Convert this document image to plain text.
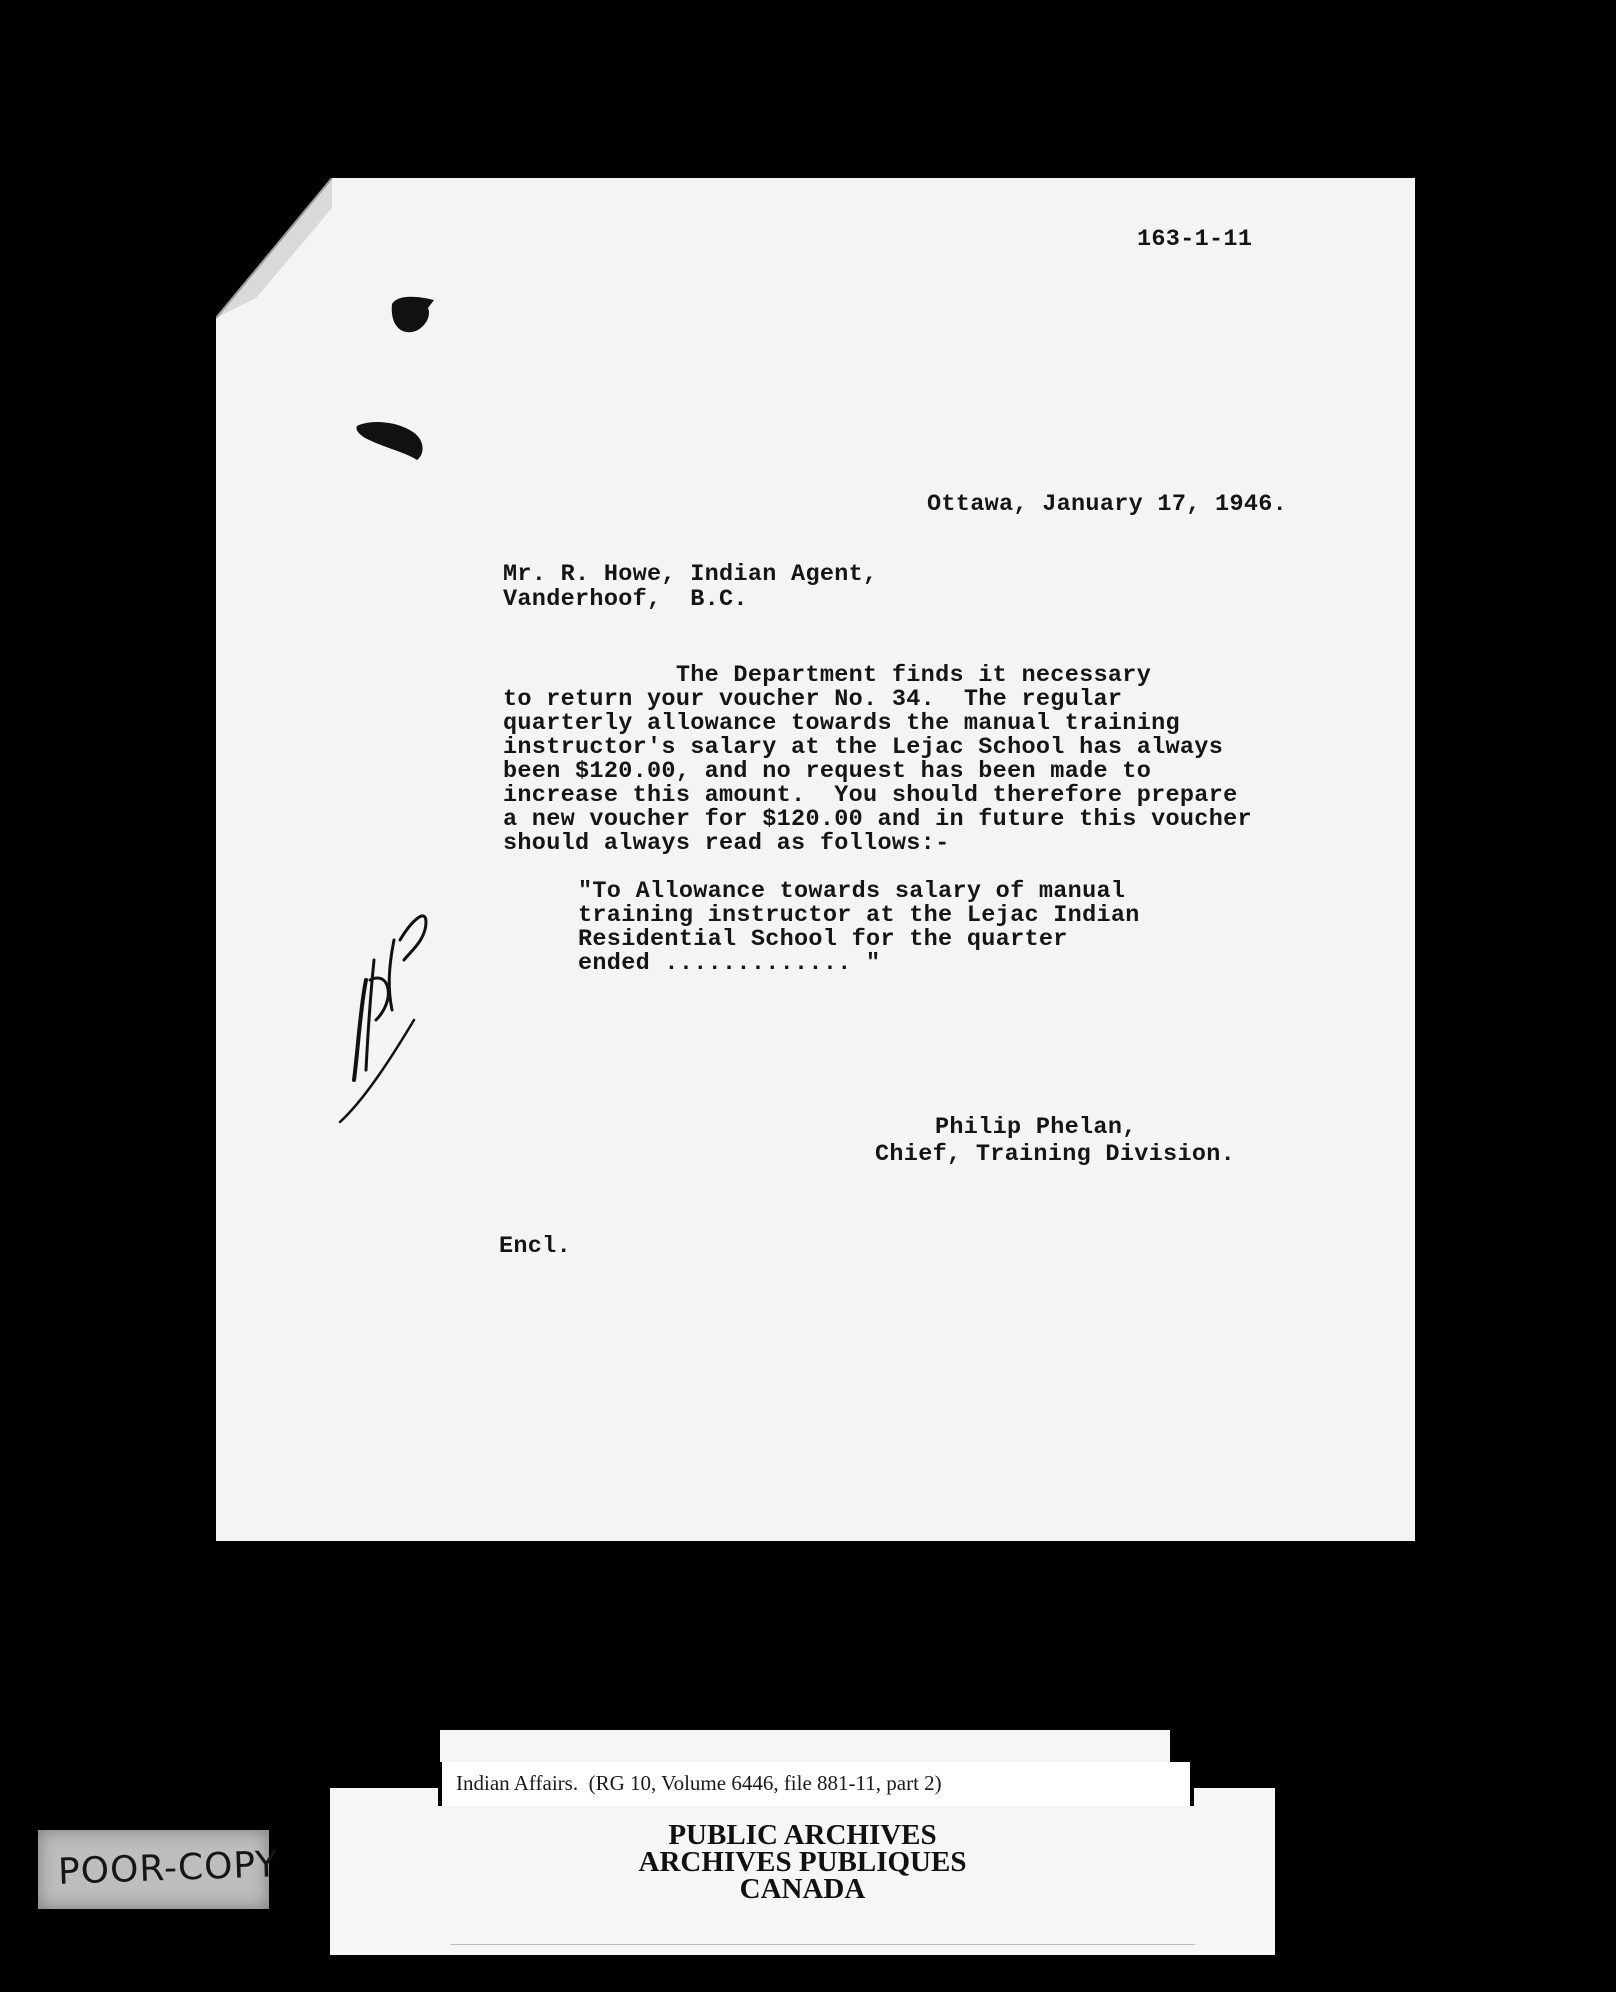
163-1-11
Ottawa, January 17, 1946.
Mr. R. Howe, Indian Agent,
Vanderhoof,  B.C.
The Department finds it necessary
to return your voucher No. 34.  The regular
quarterly allowance towards the manual training
instructor's salary at the Lejac School has always
been $120.00, and no request has been made to
increase this amount.  You should therefore prepare
a new voucher for $120.00 and in future this voucher
should always read as follows:-
"To Allowance towards salary of manual
training instructor at the Lejac Indian
Residential School for the quarter
ended ............. "
Philip Phelan,
Chief, Training Division.
Encl.
Indian Affairs.  (RG 10, Volume 6446, file 881-11, part 2)
PUBLIC ARCHIVES
ARCHIVES PUBLIQUES
CANADA
POOR-COPY
